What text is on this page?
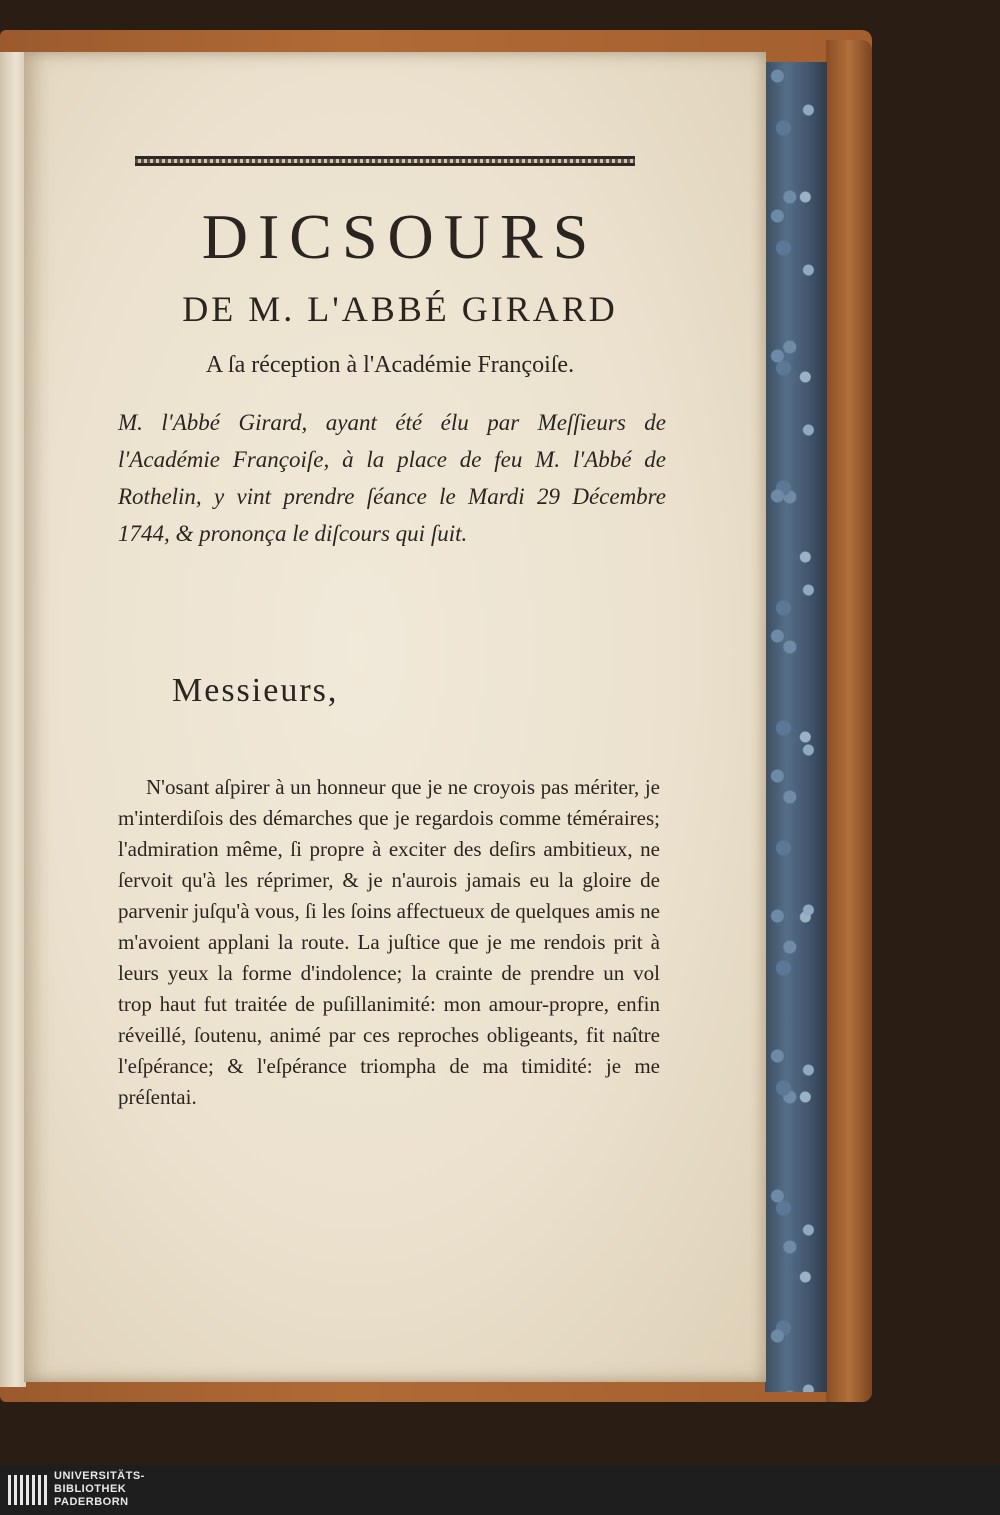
DICSOURS
DE M. L'ABBÉ GIRARD

A ſa réception à l'Académie Françoiſe.

M. l'Abbé Girard, ayant été élu par Meſſieurs de l'Académie Françoiſe, à la place de feu M. l'Abbé de Rothelin, y vint prendre ſéance le Mardi 29 Décembre 1744, & prononça le diſcours qui ſuit.

Messieurs,

N'osant aſpirer à un honneur que je ne croyois pas mériter, je m'interdiſois des démarches que je regardois comme téméraires; l'admiration même, ſi propre à exciter des deſirs ambitieux, ne ſervoit qu'à les réprimer, & je n'aurois jamais eu la gloire de parvenir juſqu'à vous, ſi les ſoins affectueux de quelques amis ne m'avoient applani la route. La juſtice que je me rendois prit à leurs yeux la forme d'indolence; la crainte de prendre un vol trop haut fut traitée de puſillanimité: mon amour-propre, enfin réveillé, ſoutenu, animé par ces reproches obligeants, fit naître l'eſpérance; & l'eſpérance triompha de ma timidité: je me préſentai.

UNIVERSITÄTS-
BIBLIOTHEK
PADERBORN
